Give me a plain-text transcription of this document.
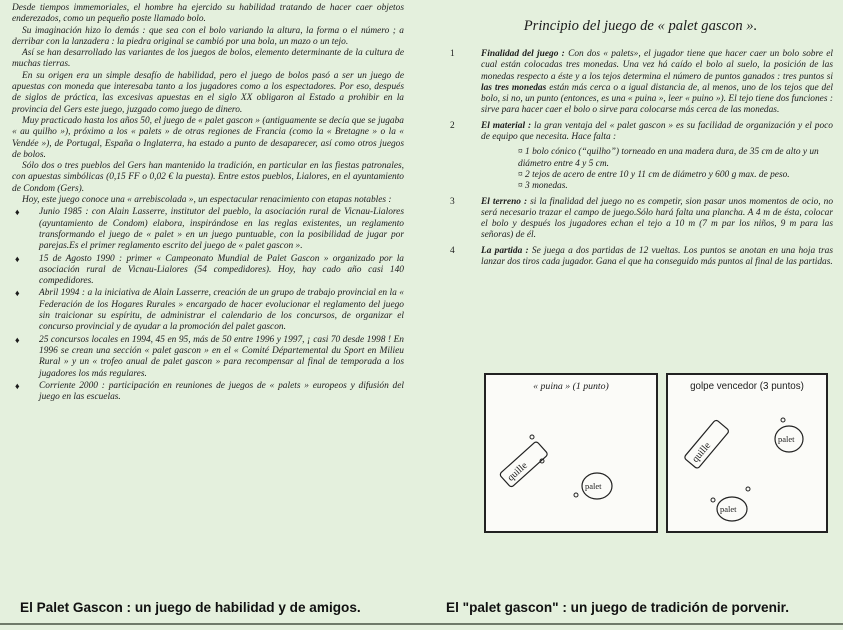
Desde tiempos immemoriales, el hombre ha ejercido su habilidad tratando de hacer caer objetos enderezados, como un pequeño poste llamado bolo.

Su imaginación hizo lo demás : que sea con el bolo variando la altura, la forma o el número ; a derribar con la lanzadera : la piedra original se cambió por una bola, un mazo o un tejo.

Así se han desarrollado las variantes de los juegos de bolos, elemento determinante de la cultura de muchas tierras.

En su origen era un simple desafío de habilidad, pero el juego de bolos pasó a ser un juego de apuestas con moneda que interesaba tanto a los jugadores como a los espectadores. Por eso, después de siglos de práctica, las excesivas apuestas en el siglo XX obligaron al Estado a prohibir en la provincia del Gers este juego, juzgado como juego de dinero.

Muy practicado hasta los años 50, el juego de « palet gascon » (antiguamente se decía que se jugaba « au quilho »), próximo a los « palets » de otras regiones de Francia (como la « Bretagne » o la « Vendée »), de Portugal, España o Inglaterra, ha estado a punto de desaparecer, así como otros juegos de bolos.

Sólo dos o tres pueblos del Gers han mantenido la tradición, en particular en las fiestas patronales, con apuestas simbólicas (0,15 FF o 0,02 € la puesta). Entre estos pueblos, Lialores, en el ayuntamiento de Condom (Gers).

Hoy, este juego conoce una « arrebiscolada », un espectacular renacimiento con etapas notables :

♦ Junio 1985 : con Alain Lasserre, institutor del pueblo, la asociación rural de Vicnau-Lialores (ayuntamiento de Condom) elabora, inspirándose en las reglas existentes, un reglamento transformando el juego de « palet » en un juego puntuable, con la posibilidad de jugar por parejas.Es el primer reglamento escrito del juego de « palet gascon ».
♦ 15 de Agosto 1990 : primer « Campeonato Mundial de Palet Gascon » organizado por la asociación rural de Vicnau-Lialores (54 compedidores). Hoy, hay cado año casi 140 compedidores.
♦ Abril 1994 : a la iniciativa de Alain Lasserre, creación de un grupo de trabajo provincial en la « Federación de los Hogares Rurales » encargado de hacer evolucionar el reglamento del juego sin traicionar su espíritu, de administrar el calendario de los concursos, de organizar el concurso provincial y de ayudar a la promoción del palet gascon.
♦ 25 concursos locales en 1994, 45 en 95, más de 50 entre 1996 y 1997, ¡ casi 70 desde 1998 ! En 1996 se crean una sección « palet gascon » en el « Comité Départemental du Sport en Milieu Rural » y un « trofeo anual de palet gascon » para recompensar al final de temporada a los jugadores los más regulares.
♦ Corriente 2000 : participación en reuniones de juegos de « palets » europeos y difusión del juego en las escuelas.
Principio del juego de « palet gascon ».
1	Finalidad del juego : Con dos « palets», el jugador tiene que hacer caer un bolo sobre el cual están colocadas tres monedas. Una vez há caído el bolo al suelo, la posición de las monedas respecto a éste y a los tejos determina el número de puntos ganados : tres puntos si las tres monedas están más cerca o a igual distancia de, al menos, uno de los tejos que del bolo, si no, un punto (entonces, es una « puina », leer « puino »). El tejo tiene dos funciones : sirve para hacer caer el bolo o sirve para colocarse más cerca de las monedas.
2	El material : la gran ventaja del « palet gascon » es su facilidad de organización y el poco de equipo que necesita. Hace falta :

¤ 1 bolo cónico (“quilho”) torneado en una madera dura, de 35 cm de alto y un diámetro entre 4 y 5 cm.

¤ 2 tejos de acero de entre 10 y 11 cm de diámetro y 600 g max. de peso.

¤ 3 monedas.

3	El terreno : si la finalidad del juego no es competir, sion pasar unos momentos de ocio, no será necesario trazar el campo de juego.Sólo hará falta una plancha. A 4 m de ésta, colocar el bolo y después los jugadores echan el tejo a 10 m (7 m par los niños, 9 m para las señoras) de él.
4	La partida : Se juega a dos partidas de 12 vueltas. Los puntos se anotan en una hoja tras lanzar dos tiros cada jugador. Gana el que ha conseguido más puntos al final de las partidas.
« puina » (1 punto)
quille
palet
golpe vencedor (3 puntos)
quille
palet
palet

El Palet Gascon : un juego de habilidad y de amigos.	El "palet gascon" : un juego de tradición de porvenir.
